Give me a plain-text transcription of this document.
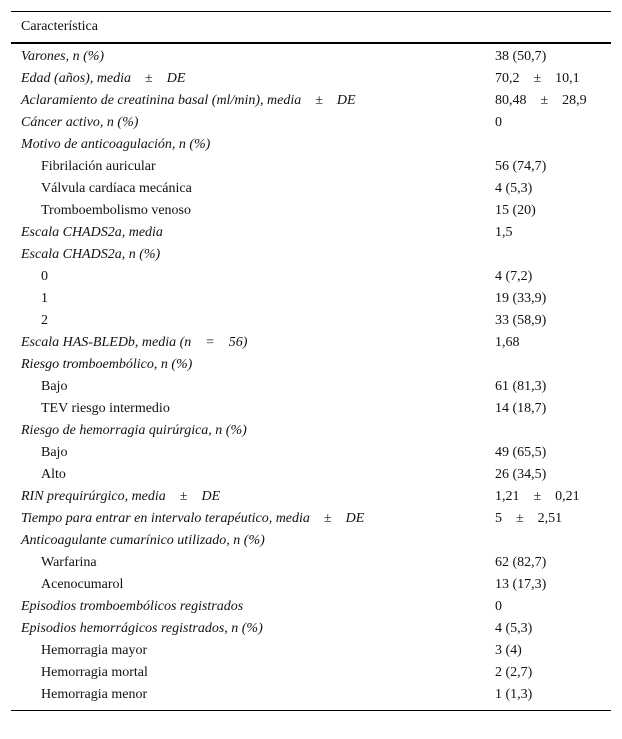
Característica	
Varones, n (%)	38 (50,7)
Edad (años), media ± DE	70,2 ± 10,1
Aclaramiento de creatinina basal (ml/min), media ± DE	80,48 ± 28,9
Cáncer activo, n (%)	0
Motivo de anticoagulación, n (%)	
Fibrilación auricular	56 (74,7)
Válvula cardíaca mecánica	4 (5,3)
Tromboembolismo venoso	15 (20)
Escala CHADS2a, media	1,5
Escala CHADS2a, n (%)	
0	4 (7,2)
1	19 (33,9)
2	33 (58,9)
Escala HAS-BLEDb, media (n = 56)	1,68
Riesgo tromboembólico, n (%)	
Bajo	61 (81,3)
TEV riesgo intermedio	14 (18,7)
Riesgo de hemorragia quirúrgica, n (%)	
Bajo	49 (65,5)
Alto	26 (34,5)
RIN prequirúrgico, media ± DE	1,21 ± 0,21
Tiempo para entrar en intervalo terapéutico, media ± DE	5 ± 2,51
Anticoagulante cumarínico utilizado, n (%)	
Warfarina	62 (82,7)
Acenocumarol	13 (17,3)
Episodios tromboembólicos registrados	0
Episodios hemorrágicos registrados, n (%)	4 (5,3)
Hemorragia mayor	3 (4)
Hemorragia mortal	2 (2,7)
Hemorragia menor	1 (1,3)
